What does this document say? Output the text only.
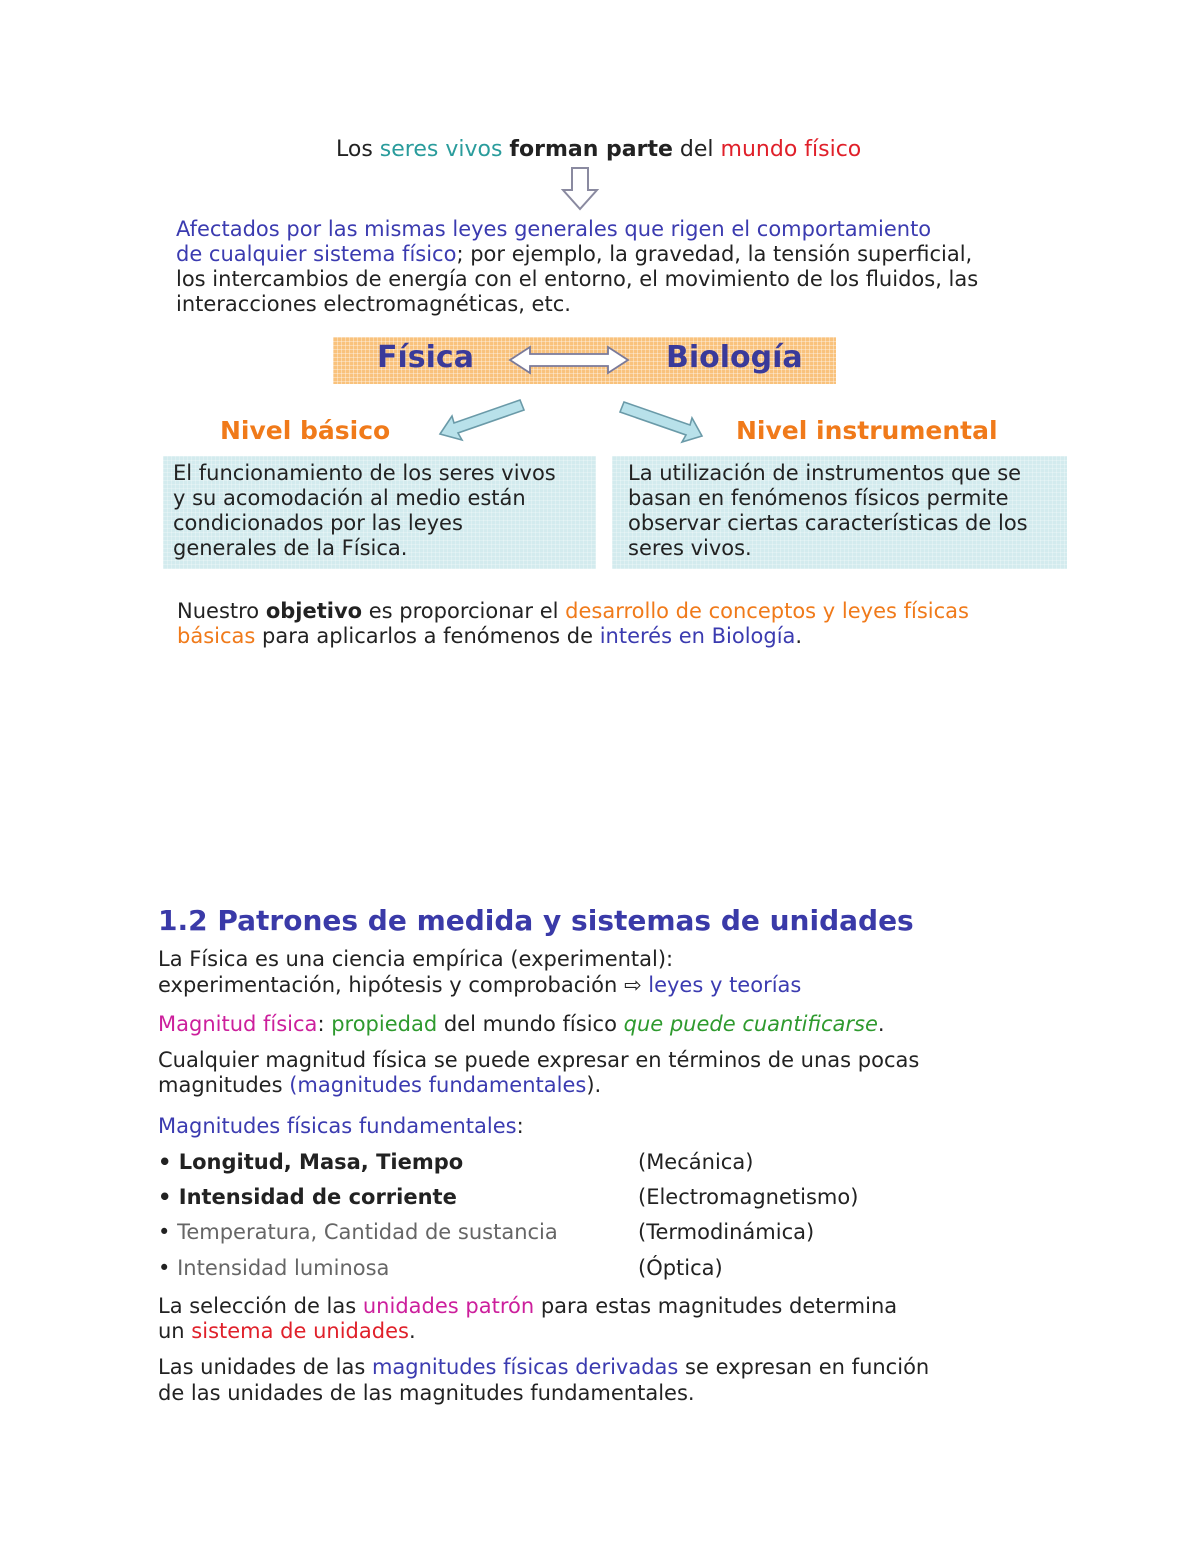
Los seres vivos forman parte del mundo físico
Afectados por las mismas leyes generales que rigen el comportamiento
de cualquier sistema físico; por ejemplo, la gravedad, la tensión superficial,
los intercambios de energía con el entorno, el movimiento de los fluidos, las
interacciones electromagnéticas, etc.
Física	Biología
Nivel básico	Nivel instrumental
El funcionamiento de los seres vivos
y su acomodación al medio están
condicionados por las leyes
generales de la Física.
La utilización de instrumentos que se
basan en fenómenos físicos permite
observar ciertas características de los
seres vivos.
Nuestro objetivo es proporcionar el desarrollo de conceptos y leyes físicas
básicas para aplicarlos a fenómenos de interés en Biología.
1.2 Patrones de medida y sistemas de unidades
La Física es una ciencia empírica (experimental):
experimentación, hipótesis y comprobación ⇨ leyes y teorías
Magnitud física: propiedad del mundo físico que puede cuantificarse.
Cualquier magnitud física se puede expresar en términos de unas pocas
magnitudes (magnitudes fundamentales).
Magnitudes físicas fundamentales:
• Longitud, Masa, Tiempo	(Mecánica)
• Intensidad de corriente	(Electromagnetismo)
• Temperatura, Cantidad de sustancia	(Termodinámica)
• Intensidad luminosa	(Óptica)
La selección de las unidades patrón para estas magnitudes determina
un sistema de unidades.
Las unidades de las magnitudes físicas derivadas se expresan en función
de las unidades de las magnitudes fundamentales.
